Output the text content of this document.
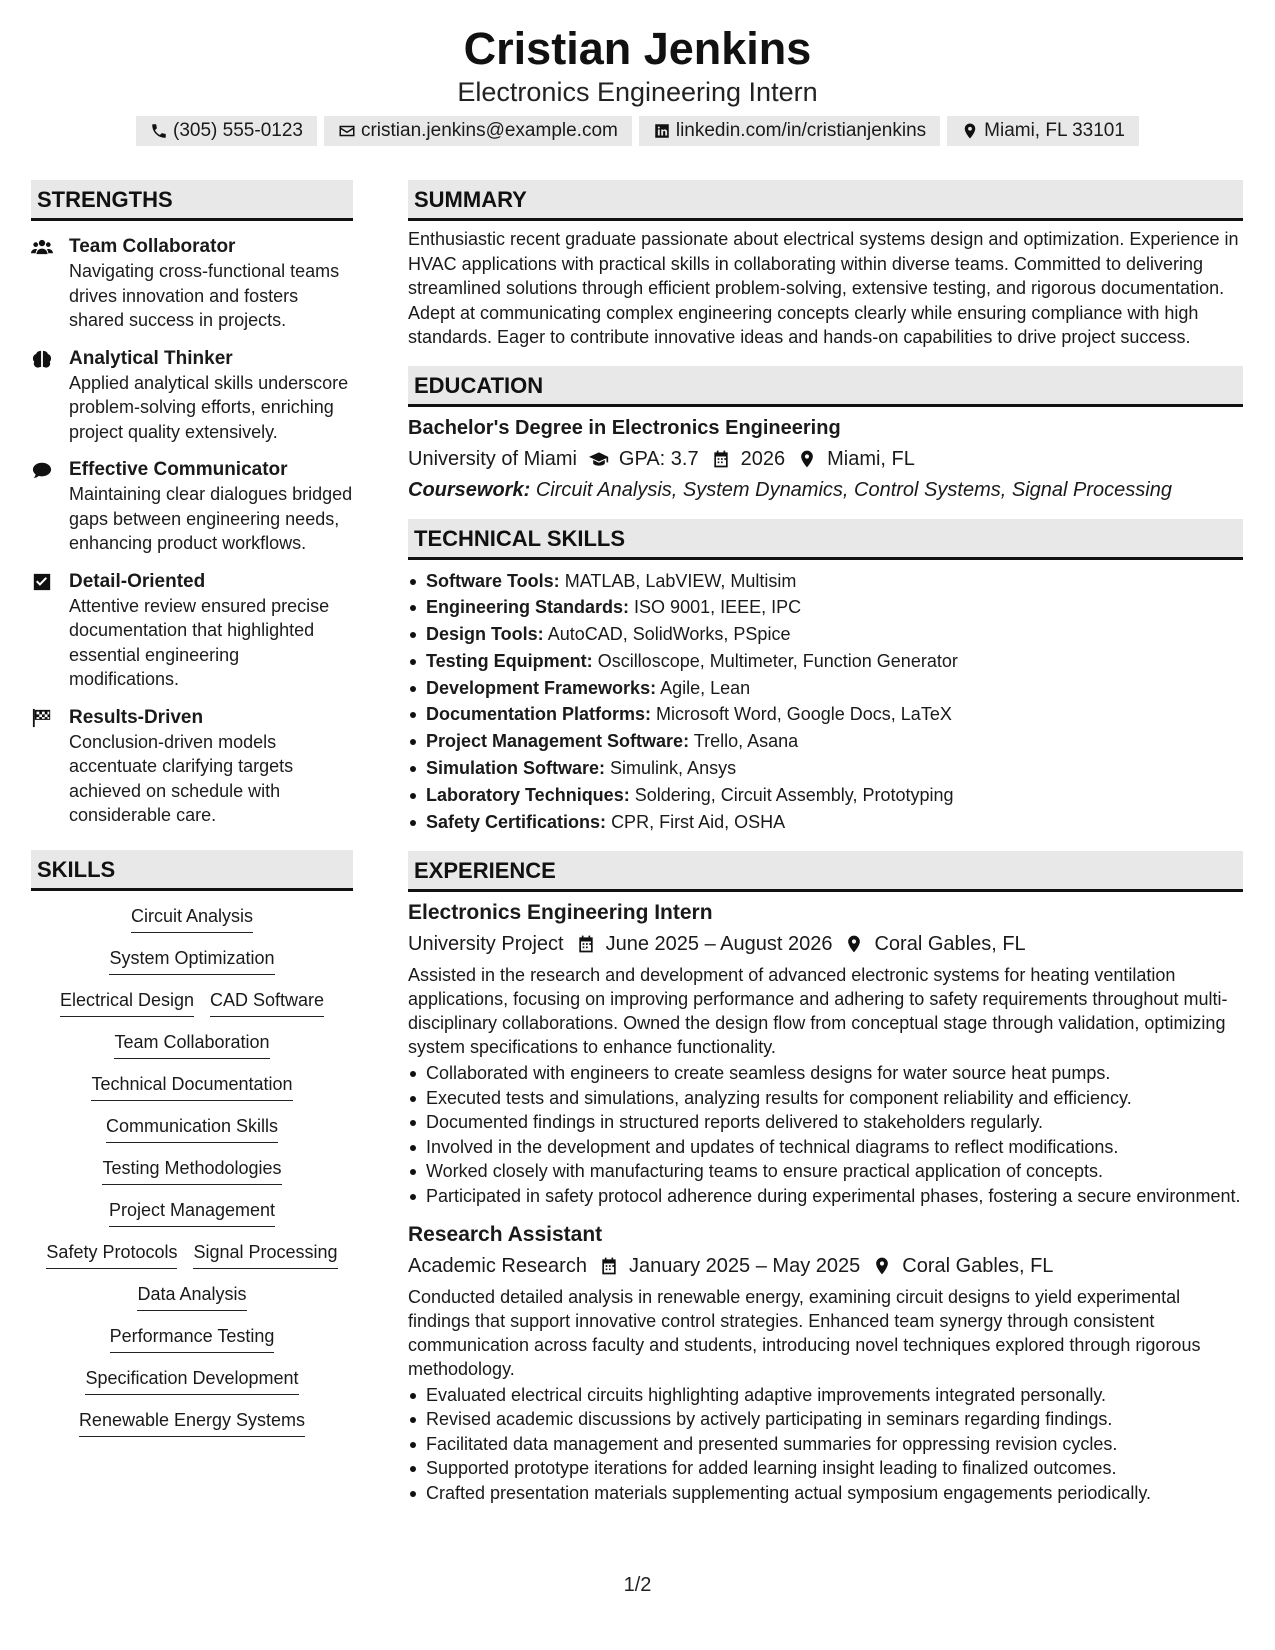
Cristian Jenkins
Electronics Engineering Intern
(305) 555-0123	cristian.jenkins@example.com	linkedin.com/in/cristianjenkins	Miami, FL 33101
STRENGTHS
Team Collaborator
Navigating cross-functional teams drives innovation and fosters shared success in projects.
Analytical Thinker
Applied analytical skills underscore problem-solving efforts, enriching project quality extensively.
Effective Communicator
Maintaining clear dialogues bridged gaps between engineering needs, enhancing product workflows.
Detail-Oriented
Attentive review ensured precise documentation that highlighted essential engineering modifications.
Results-Driven
Conclusion-driven models accentuate clarifying targets achieved on schedule with considerable care.
SKILLS
Circuit Analysis
System Optimization
Electrical Design CAD Software
Team Collaboration
Technical Documentation
Communication Skills
Testing Methodologies
Project Management
Safety Protocols Signal Processing
Data Analysis
Performance Testing
Specification Development
Renewable Energy Systems
SUMMARY
Enthusiastic recent graduate passionate about electrical systems design and optimization. Experience in HVAC applications with practical skills in collaborating within diverse teams. Committed to delivering streamlined solutions through efficient problem-solving, extensive testing, and rigorous documentation. Adept at communicating complex engineering concepts clearly while ensuring compliance with high standards. Eager to contribute innovative ideas and hands-on capabilities to drive project success.
EDUCATION
Bachelor's Degree in Electronics Engineering
University of Miami GPA: 3.7 2026 Miami, FL
Coursework: Circuit Analysis, System Dynamics, Control Systems, Signal Processing
TECHNICAL SKILLS
Software Tools: MATLAB, LabVIEW, Multisim
Engineering Standards: ISO 9001, IEEE, IPC
Design Tools: AutoCAD, SolidWorks, PSpice
Testing Equipment: Oscilloscope, Multimeter, Function Generator
Development Frameworks: Agile, Lean
Documentation Platforms: Microsoft Word, Google Docs, LaTeX
Project Management Software: Trello, Asana
Simulation Software: Simulink, Ansys
Laboratory Techniques: Soldering, Circuit Assembly, Prototyping
Safety Certifications: CPR, First Aid, OSHA
EXPERIENCE
Electronics Engineering Intern
University Project June 2025 – August 2026 Coral Gables, FL
Assisted in the research and development of advanced electronic systems for heating ventilation applications, focusing on improving performance and adhering to safety requirements throughout multi-disciplinary collaborations. Owned the design flow from conceptual stage through validation, optimizing system specifications to enhance functionality.
Collaborated with engineers to create seamless designs for water source heat pumps.
Executed tests and simulations, analyzing results for component reliability and efficiency.
Documented findings in structured reports delivered to stakeholders regularly.
Involved in the development and updates of technical diagrams to reflect modifications.
Worked closely with manufacturing teams to ensure practical application of concepts.
Participated in safety protocol adherence during experimental phases, fostering a secure environment.
Research Assistant
Academic Research January 2025 – May 2025 Coral Gables, FL
Conducted detailed analysis in renewable energy, examining circuit designs to yield experimental findings that support innovative control strategies. Enhanced team synergy through consistent communication across faculty and students, introducing novel techniques explored through rigorous methodology.
Evaluated electrical circuits highlighting adaptive improvements integrated personally.
Revised academic discussions by actively participating in seminars regarding findings.
Facilitated data management and presented summaries for oppressing revision cycles.
Supported prototype iterations for added learning insight leading to finalized outcomes.
Crafted presentation materials supplementing actual symposium engagements periodically.
1/2
